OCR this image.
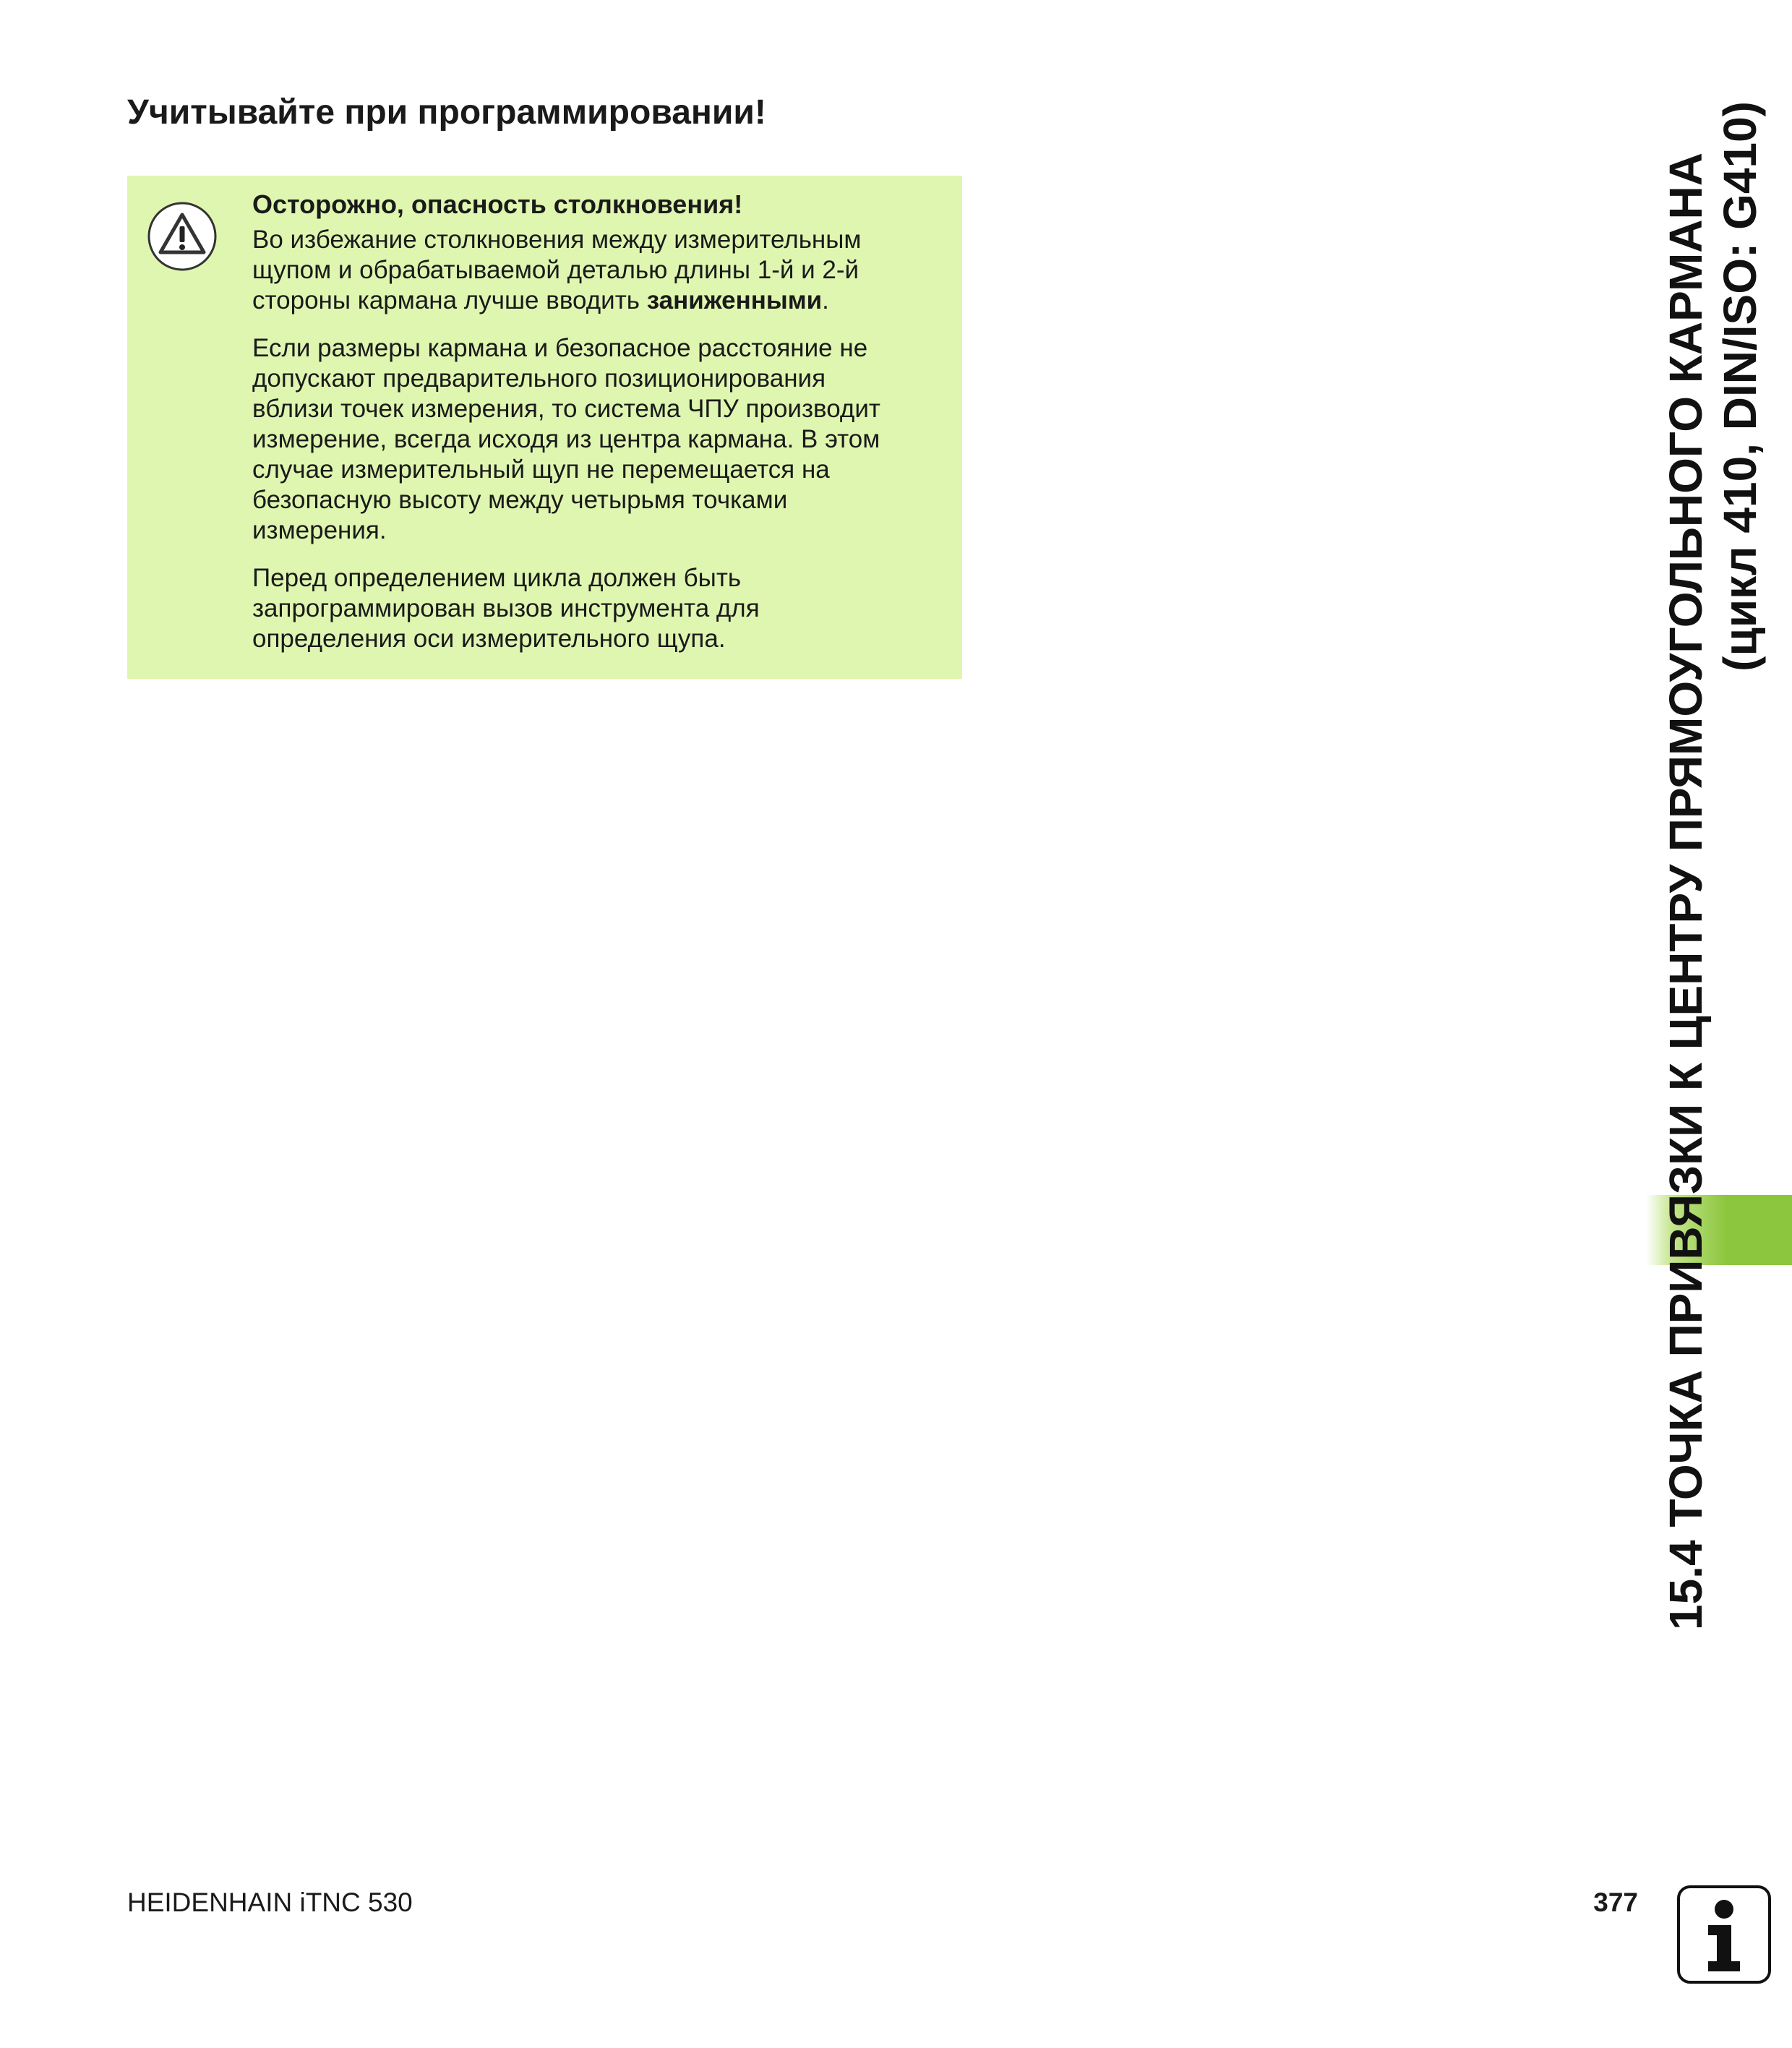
Учитывайте при программировании!

Осторожно, опасность столкновения!

Во избежание столкновения между измерительным
щупом и обрабатываемой деталью длины 1-й и 2-й
стороны кармана лучше вводить заниженными.

Если размеры кармана и безопасное расстояние не
допускают предварительного позиционирования
вблизи точек измерения, то система ЧПУ производит
измерение, всегда исходя из центра кармана. В этом
случае измерительный щуп не перемещается на
безопасную высоту между четырьмя точками
измерения.

Перед определением цикла должен быть
запрограммирован вызов инструмента для
определения оси измерительного щупа.	15.4 ТОЧКА ПРИВЯЗКИ К ЦЕНТРУ ПРЯМОУГОЛЬНОГО КАРМАНА (цикл 410, DIN/ISO: G410)
HEIDENHAIN iTNC 530	377
